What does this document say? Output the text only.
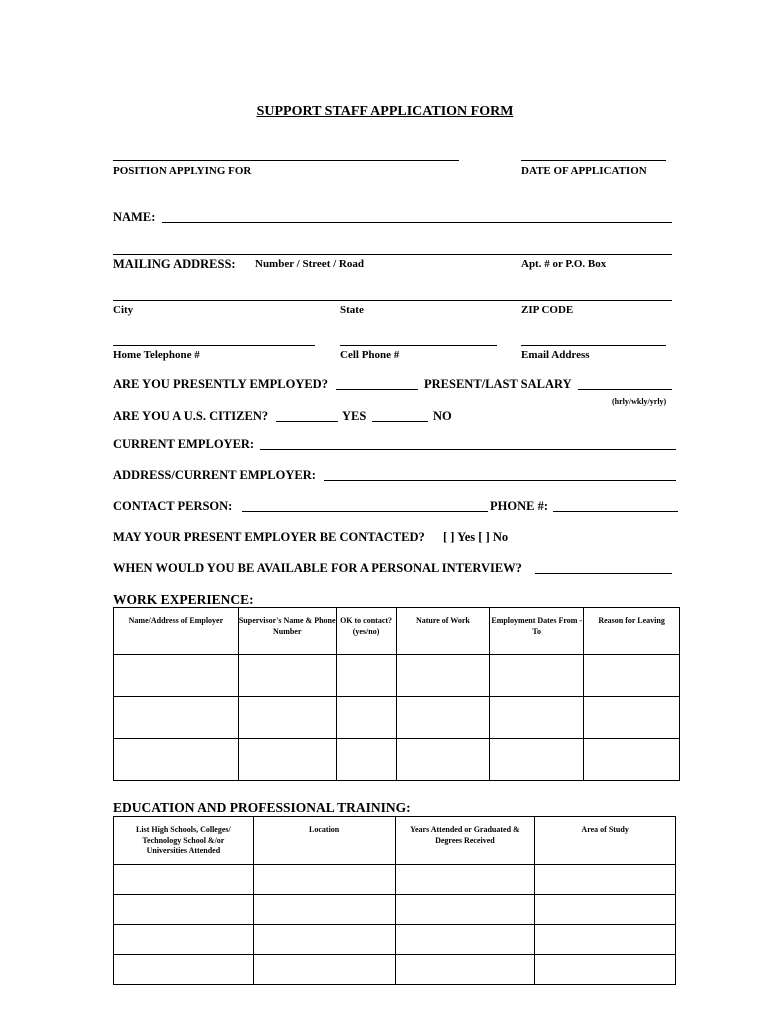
SUPPORT STAFF APPLICATION FORM
POSITION APPLYING FOR	DATE OF APPLICATION
NAME:
MAILING ADDRESS: Number / Street / Road	Apt. # or P.O. Box
City	State	ZIP CODE
Home Telephone #	Cell Phone #	Email Address
ARE YOU PRESENTLY EMPLOYED?	PRESENT/LAST SALARY
(hrly/wkly/yrly)
ARE YOU A U.S. CITIZEN?	YES	NO
CURRENT EMPLOYER:
ADDRESS/CURRENT EMPLOYER:
CONTACT PERSON:	PHONE #:
MAY YOUR PRESENT EMPLOYER BE CONTACTED? [ ] Yes [ ] No
WHEN WOULD YOU BE AVAILABLE FOR A PERSONAL INTERVIEW?
WORK EXPERIENCE:
Name/Address of Employer	Supervisor's Name & Phone Number	OK to contact? (yes/no)	Nature of Work	Employment Dates From - To	Reason for Leaving

EDUCATION AND PROFESSIONAL TRAINING:
List High Schools, Colleges/ Technology School &/or Universities Attended	Location	Years Attended or Graduated & Degrees Received	Area of Study
